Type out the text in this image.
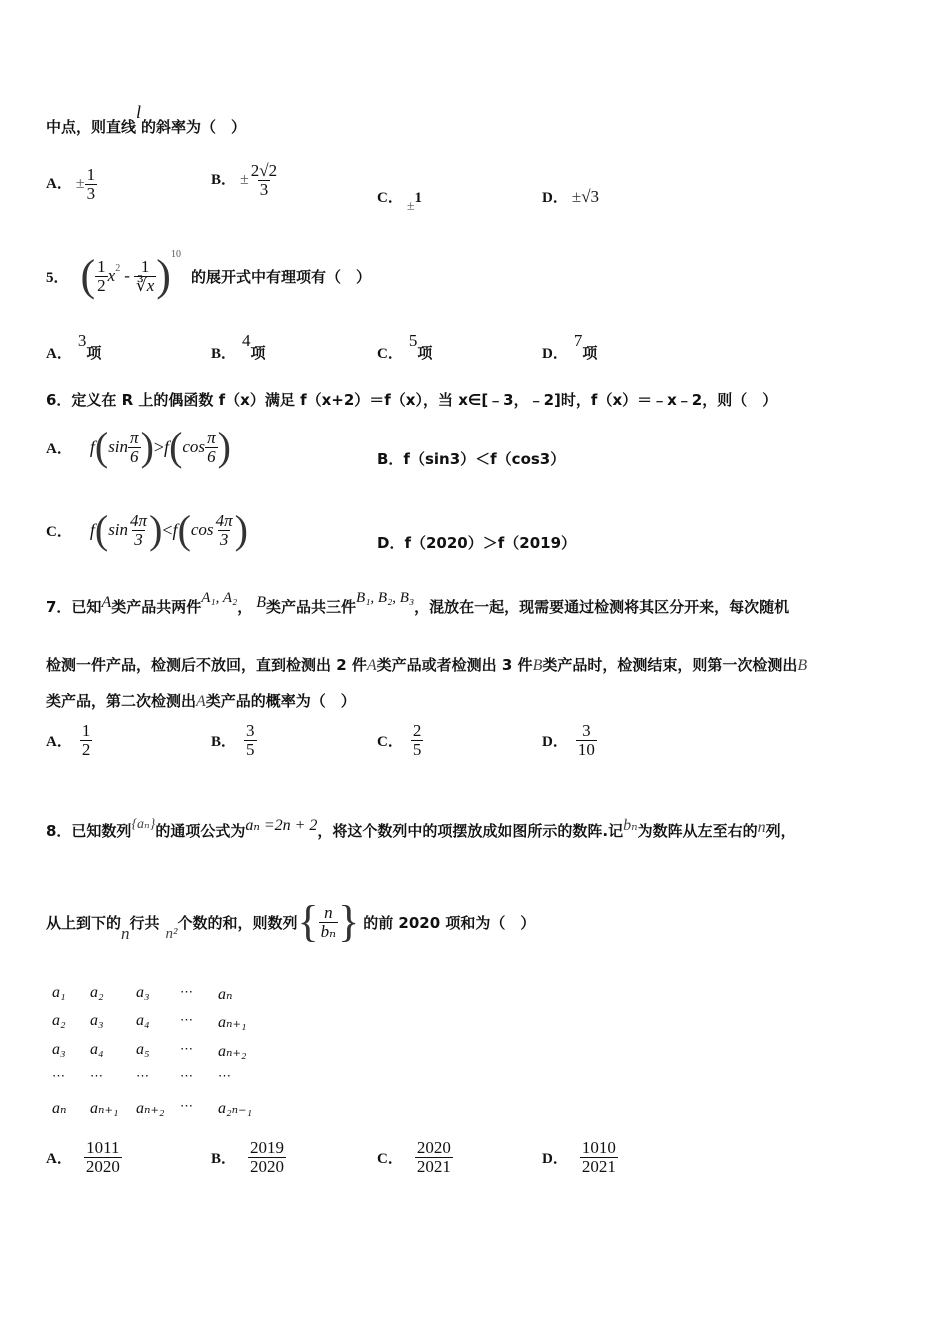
中点，则直线l的斜率为（　）
A． ± $\frac{1}{3}$	B． ± $\frac{2√2}{3}$	C． ±1	D． ±√3
5． ( $\frac{1}{2}$ x $2 - \frac{1}{∛x}$ ) 10
的展开式中有理项有（　）
A．3项	B．4项	C．5项	D．7项
6．定义在 R 上的偶函数 f（x）满足 f（x+2）＝f（x），当 x∈[﹣3，﹣2]时，f（x）＝﹣x﹣2，则（　）
A． f ( $\sin \frac{\pi}{6}$ ) > f ( $\cos \frac{\pi}{6}$ )	B．f（sin3）＜f（cos3）
C． f ( $\sin \frac{4\pi}{3}$ ) < f ( $\cos \frac{4\pi}{3}$ )	D．f（2020）＞f（2019）
7．已知A类产品共两件A₁, A₂， B类产品共三件B₁, B₂, B₃，混放在一起，现需要通过检测将其区分开来，每次随机
检测一件产品，检测后不放回，直到检测出 2 件A类产品或者检测出 3 件B类产品时，检测结束，则第一次检测出B
类产品，第二次检测出A类产品的概率为（　）
A． $\frac{1}{2}$	B． $\frac{3}{5}$	C． $\frac{2}{5}$	D． $\frac{3}{10}$
8．已知数列{aₙ}的通项公式为aₙ =2n + 2，将这个数列中的项摆放成如图所示的数阵.记bₙ为数阵从左至右的n列，
从上到下的
n
行共
n²
个数的和，则数列 { $\frac{n}{\text{bₙ}}$ } 的前 2020 项和为（　）
a₁ a₂ a₃ ⋯ aₙ
a₂ a₃ a₄ ⋯ aₙ₊₁
a₃ a₄ a₅ ⋯ aₙ₊₂
⋯ ⋯	⋯ ⋯ ⋯
aₙ aₙ₊₁ aₙ₊₂ ⋯ a₂ₙ₋₁
A． $\frac{1011}{2020}$	B． $\frac{2019}{2020}$	C． $\frac{2020}{2021}$	D． $\frac{1010}{2021}$
